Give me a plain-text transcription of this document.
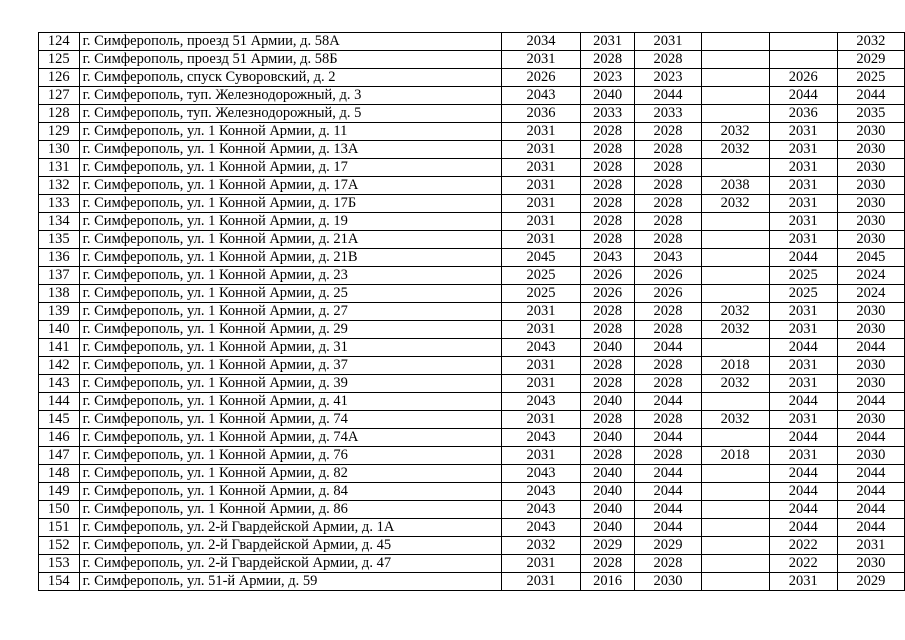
124	г. Симферополь, проезд 51 Армии, д. 58А	2034	2031	2031			2032
125	г. Симферополь, проезд 51 Армии, д. 58Б	2031	2028	2028			2029
126	г. Симферополь, спуск Суворовский, д. 2	2026	2023	2023		2026	2025
127	г. Симферополь, туп. Железнодорожный, д. 3	2043	2040	2044		2044	2044
128	г. Симферополь, туп. Железнодорожный, д. 5	2036	2033	2033		2036	2035
129	г. Симферополь, ул. 1 Конной Армии, д. 11	2031	2028	2028	2032	2031	2030
130	г. Симферополь, ул. 1 Конной Армии, д. 13А	2031	2028	2028	2032	2031	2030
131	г. Симферополь, ул. 1 Конной Армии, д. 17	2031	2028	2028		2031	2030
132	г. Симферополь, ул. 1 Конной Армии, д. 17А	2031	2028	2028	2038	2031	2030
133	г. Симферополь, ул. 1 Конной Армии, д. 17Б	2031	2028	2028	2032	2031	2030
134	г. Симферополь, ул. 1 Конной Армии, д. 19	2031	2028	2028		2031	2030
135	г. Симферополь, ул. 1 Конной Армии, д. 21А	2031	2028	2028		2031	2030
136	г. Симферополь, ул. 1 Конной Армии, д. 21В	2045	2043	2043		2044	2045
137	г. Симферополь, ул. 1 Конной Армии, д. 23	2025	2026	2026		2025	2024
138	г. Симферополь, ул. 1 Конной Армии, д. 25	2025	2026	2026		2025	2024
139	г. Симферополь, ул. 1 Конной Армии, д. 27	2031	2028	2028	2032	2031	2030
140	г. Симферополь, ул. 1 Конной Армии, д. 29	2031	2028	2028	2032	2031	2030
141	г. Симферополь, ул. 1 Конной Армии, д. 31	2043	2040	2044		2044	2044
142	г. Симферополь, ул. 1 Конной Армии, д. 37	2031	2028	2028	2018	2031	2030
143	г. Симферополь, ул. 1 Конной Армии, д. 39	2031	2028	2028	2032	2031	2030
144	г. Симферополь, ул. 1 Конной Армии, д. 41	2043	2040	2044		2044	2044
145	г. Симферополь, ул. 1 Конной Армии, д. 74	2031	2028	2028	2032	2031	2030
146	г. Симферополь, ул. 1 Конной Армии, д. 74А	2043	2040	2044		2044	2044
147	г. Симферополь, ул. 1 Конной Армии, д. 76	2031	2028	2028	2018	2031	2030
148	г. Симферополь, ул. 1 Конной Армии, д. 82	2043	2040	2044		2044	2044
149	г. Симферополь, ул. 1 Конной Армии, д. 84	2043	2040	2044		2044	2044
150	г. Симферополь, ул. 1 Конной Армии, д. 86	2043	2040	2044		2044	2044
151	г. Симферополь, ул. 2-й Гвардейской Армии, д. 1А	2043	2040	2044		2044	2044
152	г. Симферополь, ул. 2-й Гвардейской Армии, д. 45	2032	2029	2029		2022	2031
153	г. Симферополь, ул. 2-й Гвардейской Армии, д. 47	2031	2028	2028		2022	2030
154	г. Симферополь, ул. 51-й Армии, д. 59	2031	2016	2030		2031	2029
